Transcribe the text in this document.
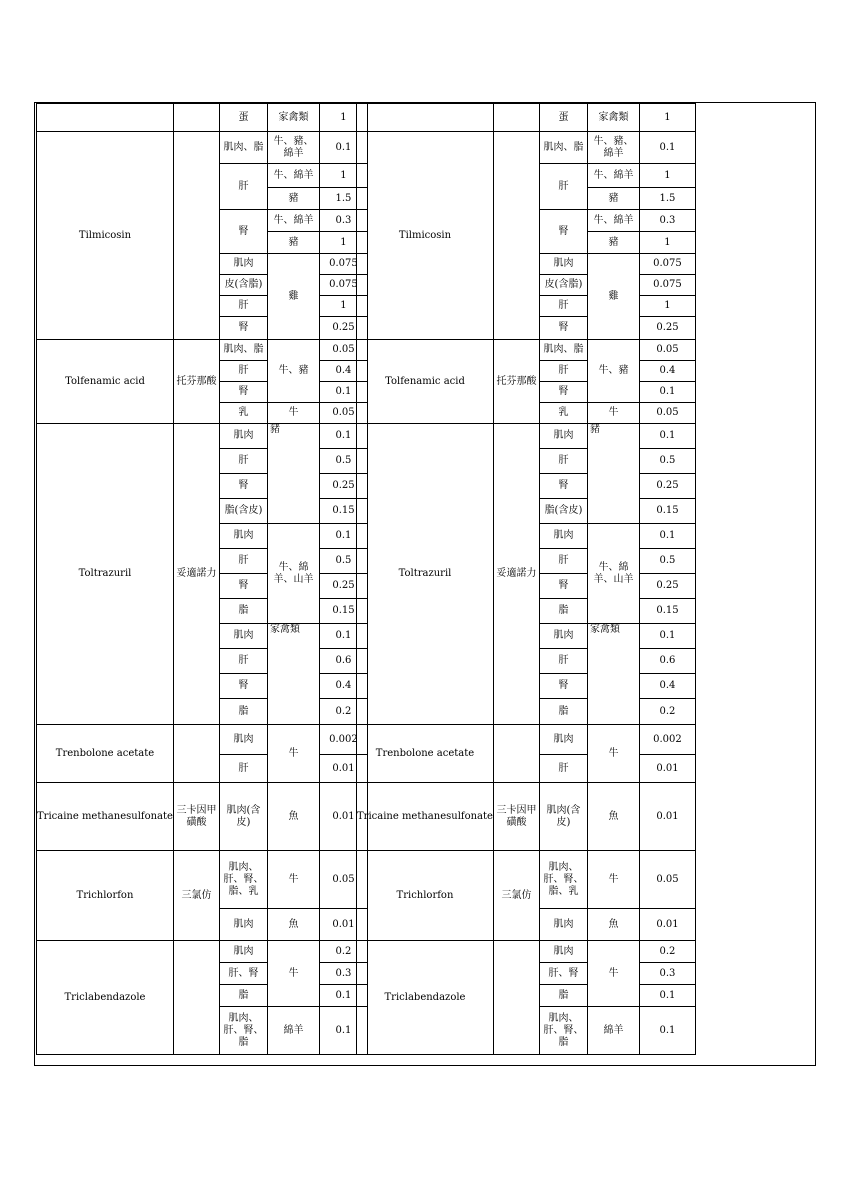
		蛋	家禽類	1
Tilmicosin		肌肉、脂	牛、豬、綿羊	0.1
		肝	牛、綿羊	1
			豬	1.5
		腎	牛、綿羊	0.3
			豬	1
		肌肉	雞	0.075
		皮(含脂)		0.075
		肝		1
		腎		0.25
Tolfenamic acid	托芬那酸	肌肉、脂	牛、豬	0.05
		肝		0.4
		腎		0.1
		乳	牛	0.05
Toltrazuril	妥適諾力	肌肉	豬	0.1
		肝		0.5
		腎		0.25
		脂(含皮)		0.15
		肌肉	牛、綿羊、山羊	0.1
		肝		0.5
		腎		0.25
		脂		0.15
		肌肉	家禽類	0.1
		肝		0.6
		腎		0.4
		脂		0.2
Trenbolone acetate		肌肉	牛	0.002
		肝		0.01
Tricaine methanesulfonate	三卡因甲磺酸	肌肉(含皮)	魚	0.01
Trichlorfon	三氯仿	肌肉、肝、腎、脂、乳	牛	0.05
		肌肉	魚	0.01
Triclabendazole		肌肉	牛	0.2
		肝、腎		0.3
		脂		0.1
		肌肉、肝、腎、脂	綿羊	0.1
		蛋	家禽類	1
Tilmicosin		肌肉、脂	牛、豬、綿羊	0.1
		肝	牛、綿羊	1
			豬	1.5
		腎	牛、綿羊	0.3
			豬	1
		肌肉	雞	0.075
		皮(含脂)		0.075
		肝		1
		腎		0.25
Tolfenamic acid	托芬那酸	肌肉、脂	牛、豬	0.05
		肝		0.4
		腎		0.1
		乳	牛	0.05
Toltrazuril	妥適諾力	肌肉	豬	0.1
		肝		0.5
		腎		0.25
		脂(含皮)		0.15
		肌肉	牛、綿羊、山羊	0.1
		肝		0.5
		腎		0.25
		脂		0.15
		肌肉	家禽類	0.1
		肝		0.6
		腎		0.4
		脂		0.2
Trenbolone acetate		肌肉	牛	0.002
		肝		0.01
Tricaine methanesulfonate	三卡因甲磺酸	肌肉(含皮)	魚	0.01
Trichlorfon	三氯仿	肌肉、肝、腎、脂、乳	牛	0.05
		肌肉	魚	0.01
Triclabendazole		肌肉	牛	0.2
		肝、腎		0.3
		脂		0.1
		肌肉、肝、腎、脂	綿羊	0.1
